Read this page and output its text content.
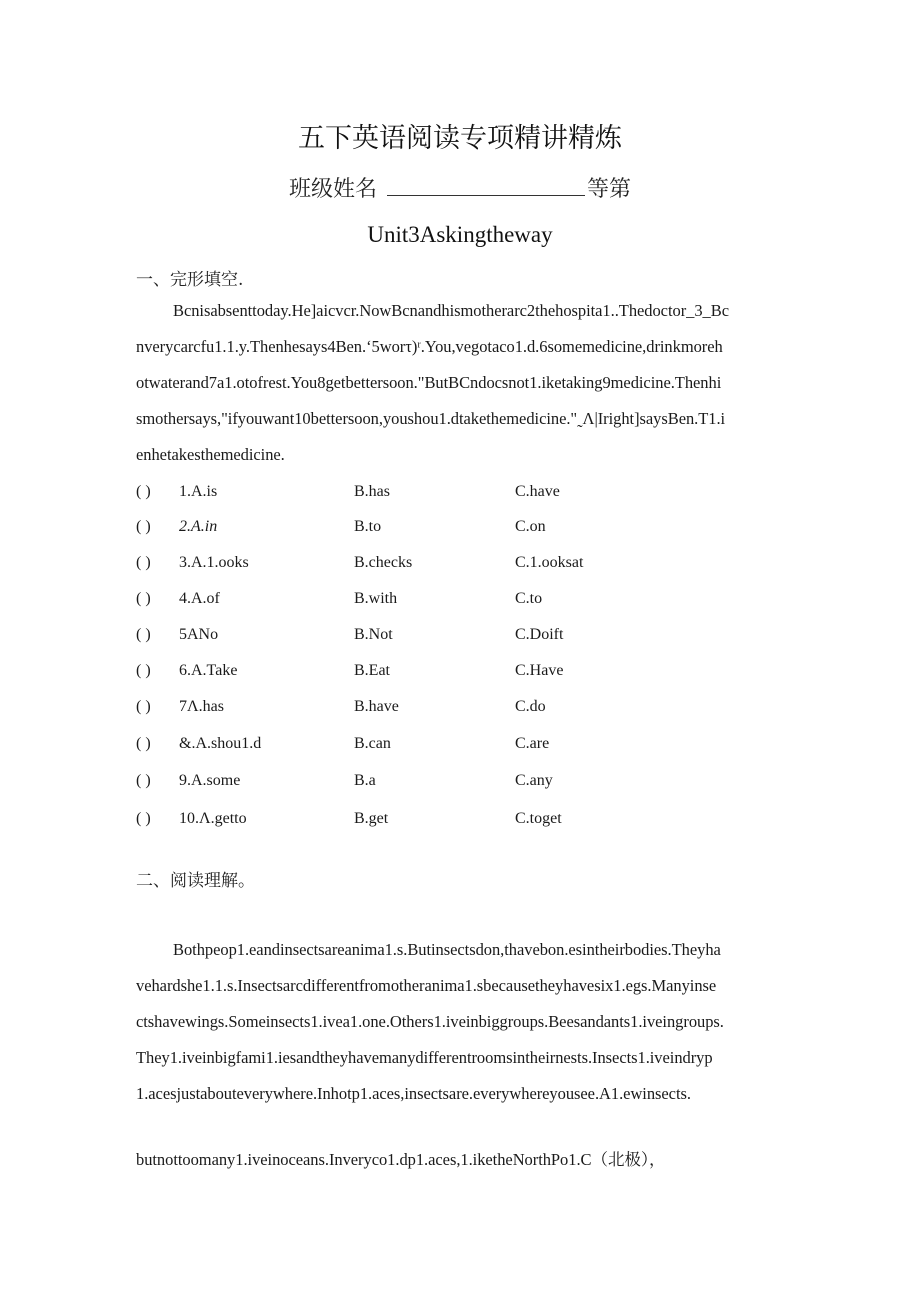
五下英语阅读专项精讲精炼
班级姓名	等第
Unit3Askingtheway
一、完形填空.
Bcnisabsenttoday.He]aicvcr.NowBcnandhismotherarc2thehospita1..Thedoctor_3_Bc
nverycarcfu1.1.y.Thenhesays4Ben.‘5worτ)ʳ.You,vegotaco1.d.6somemedicine,drinkmoreh
otwaterand7a1.otofrest.You8getbettersoon."ButBCndocsnot1.iketaking9medicine.Thenhi
smothersays,"ifyouwant10bettersoon,youshou1.dtakethemedicine."˷Λ|Iright]saysBen.T1.i
enhetakesthemedicine.
( ) 1.A.is	B.has	C.have
( ) 2.A.in	B.to	C.on
( ) 3.A.1.ooks	B.checks	C.1.ooksat
( ) 4.A.of	B.with	C.to
( ) 5ANo	B.Not	C.Doift
( ) 6.A.Take	B.Eat	C.Have
( ) 7Λ.has	B.have	C.do
( ) &.A.shou1.d	B.can	C.are
( ) 9.A.some	B.a	C.any
( ) 10.Λ.getto	B.get	C.toget
二、阅读理解。
Bothpeop1.eandinsectsareanima1.s.Butinsectsdon,thavebon.esintheirbodies.Theyha
vehardshe1.1.s.Insectsarcdifferentfromotheranima1.sbecausetheyhavesix1.egs.Manyinse
ctshavewings.Someinsects1.ivea1.one.Others1.iveinbiggroups.Beesandants1.iveingroups.
They1.iveinbigfami1.iesandtheyhavemanydifferentroomsintheirnests.Insects1.iveindryp
1.acesjustabouteverywhere.Inhotp1.aces,insectsare.everywhereyousee.A1.ewinsects.
butnottoomany1.iveinoceans.Inveryco1.dp1.aces,1.iketheNorthPo1.C（北极），
